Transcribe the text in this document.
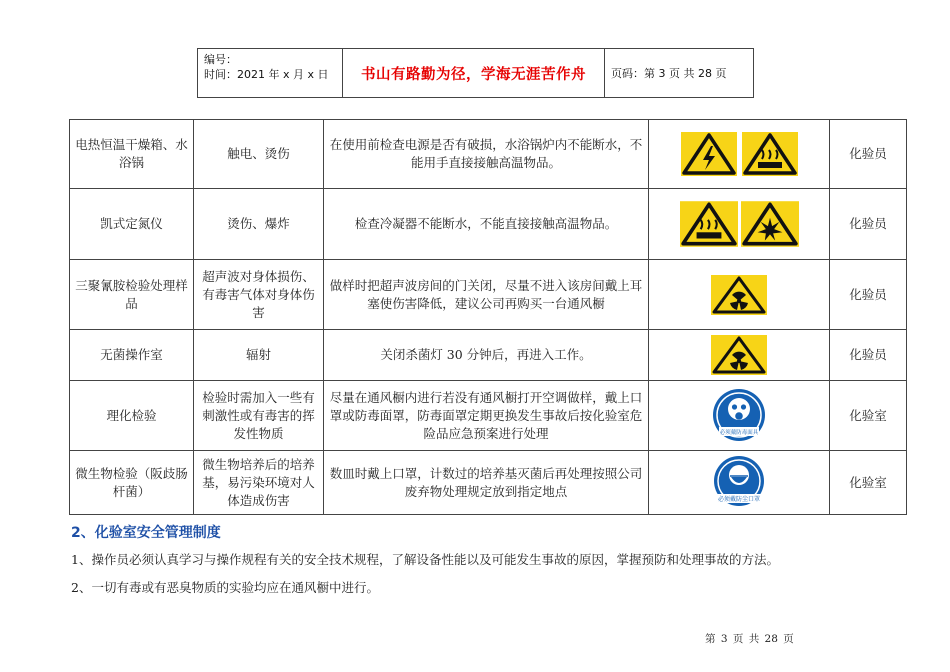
编号：
时间：2021 年 x 月 x 日	书山有路勤为径，学海无涯苦作舟	页码：第 3 页 共 28 页
电热恒温干燥箱、水浴锅	触电、烫伤	在使用前检查电源是否有破损，水浴锅炉内不能断水，不能用手直接接触高温物品。		化验员
凯式定氮仪	烫伤、爆炸	检查冷凝器不能断水，不能直接接触高温物品。		化验员
三聚氰胺检验处理样品	超声波对身体损伤、有毒害气体对身体伤害	做样时把超声波房间的门关闭，尽量不进入该房间戴上耳塞使伤害降低，建议公司再购买一台通风橱		化验员
无菌操作室	辐射	关闭杀菌灯 30 分钟后，再进入工作。		化验员
理化检验	检验时需加入一些有刺激性或有毒害的挥发性物质	尽量在通风橱内进行若没有通风橱打开空调做样，戴上口罩或防毒面罩，防毒面罩定期更换发生事故后按化验室危险品应急预案进行处理	必须戴防毒面具	化验室
微生物检验（阪歧肠杆菌）	微生物培养后的培养基，易污染环境对人体造成伤害	数皿时戴上口罩，计数过的培养基灭菌后再处理按照公司废弃物处理规定放到指定地点	必须戴防尘口罩	化验室
2、化验室安全管理制度
1、操作员必须认真学习与操作规程有关的安全技术规程，了解设备性能以及可能发生事故的原因，掌握预防和处理事故的方法。
2、一切有毒或有恶臭物质的实验均应在通风橱中进行。
第 3 页 共 28 页
